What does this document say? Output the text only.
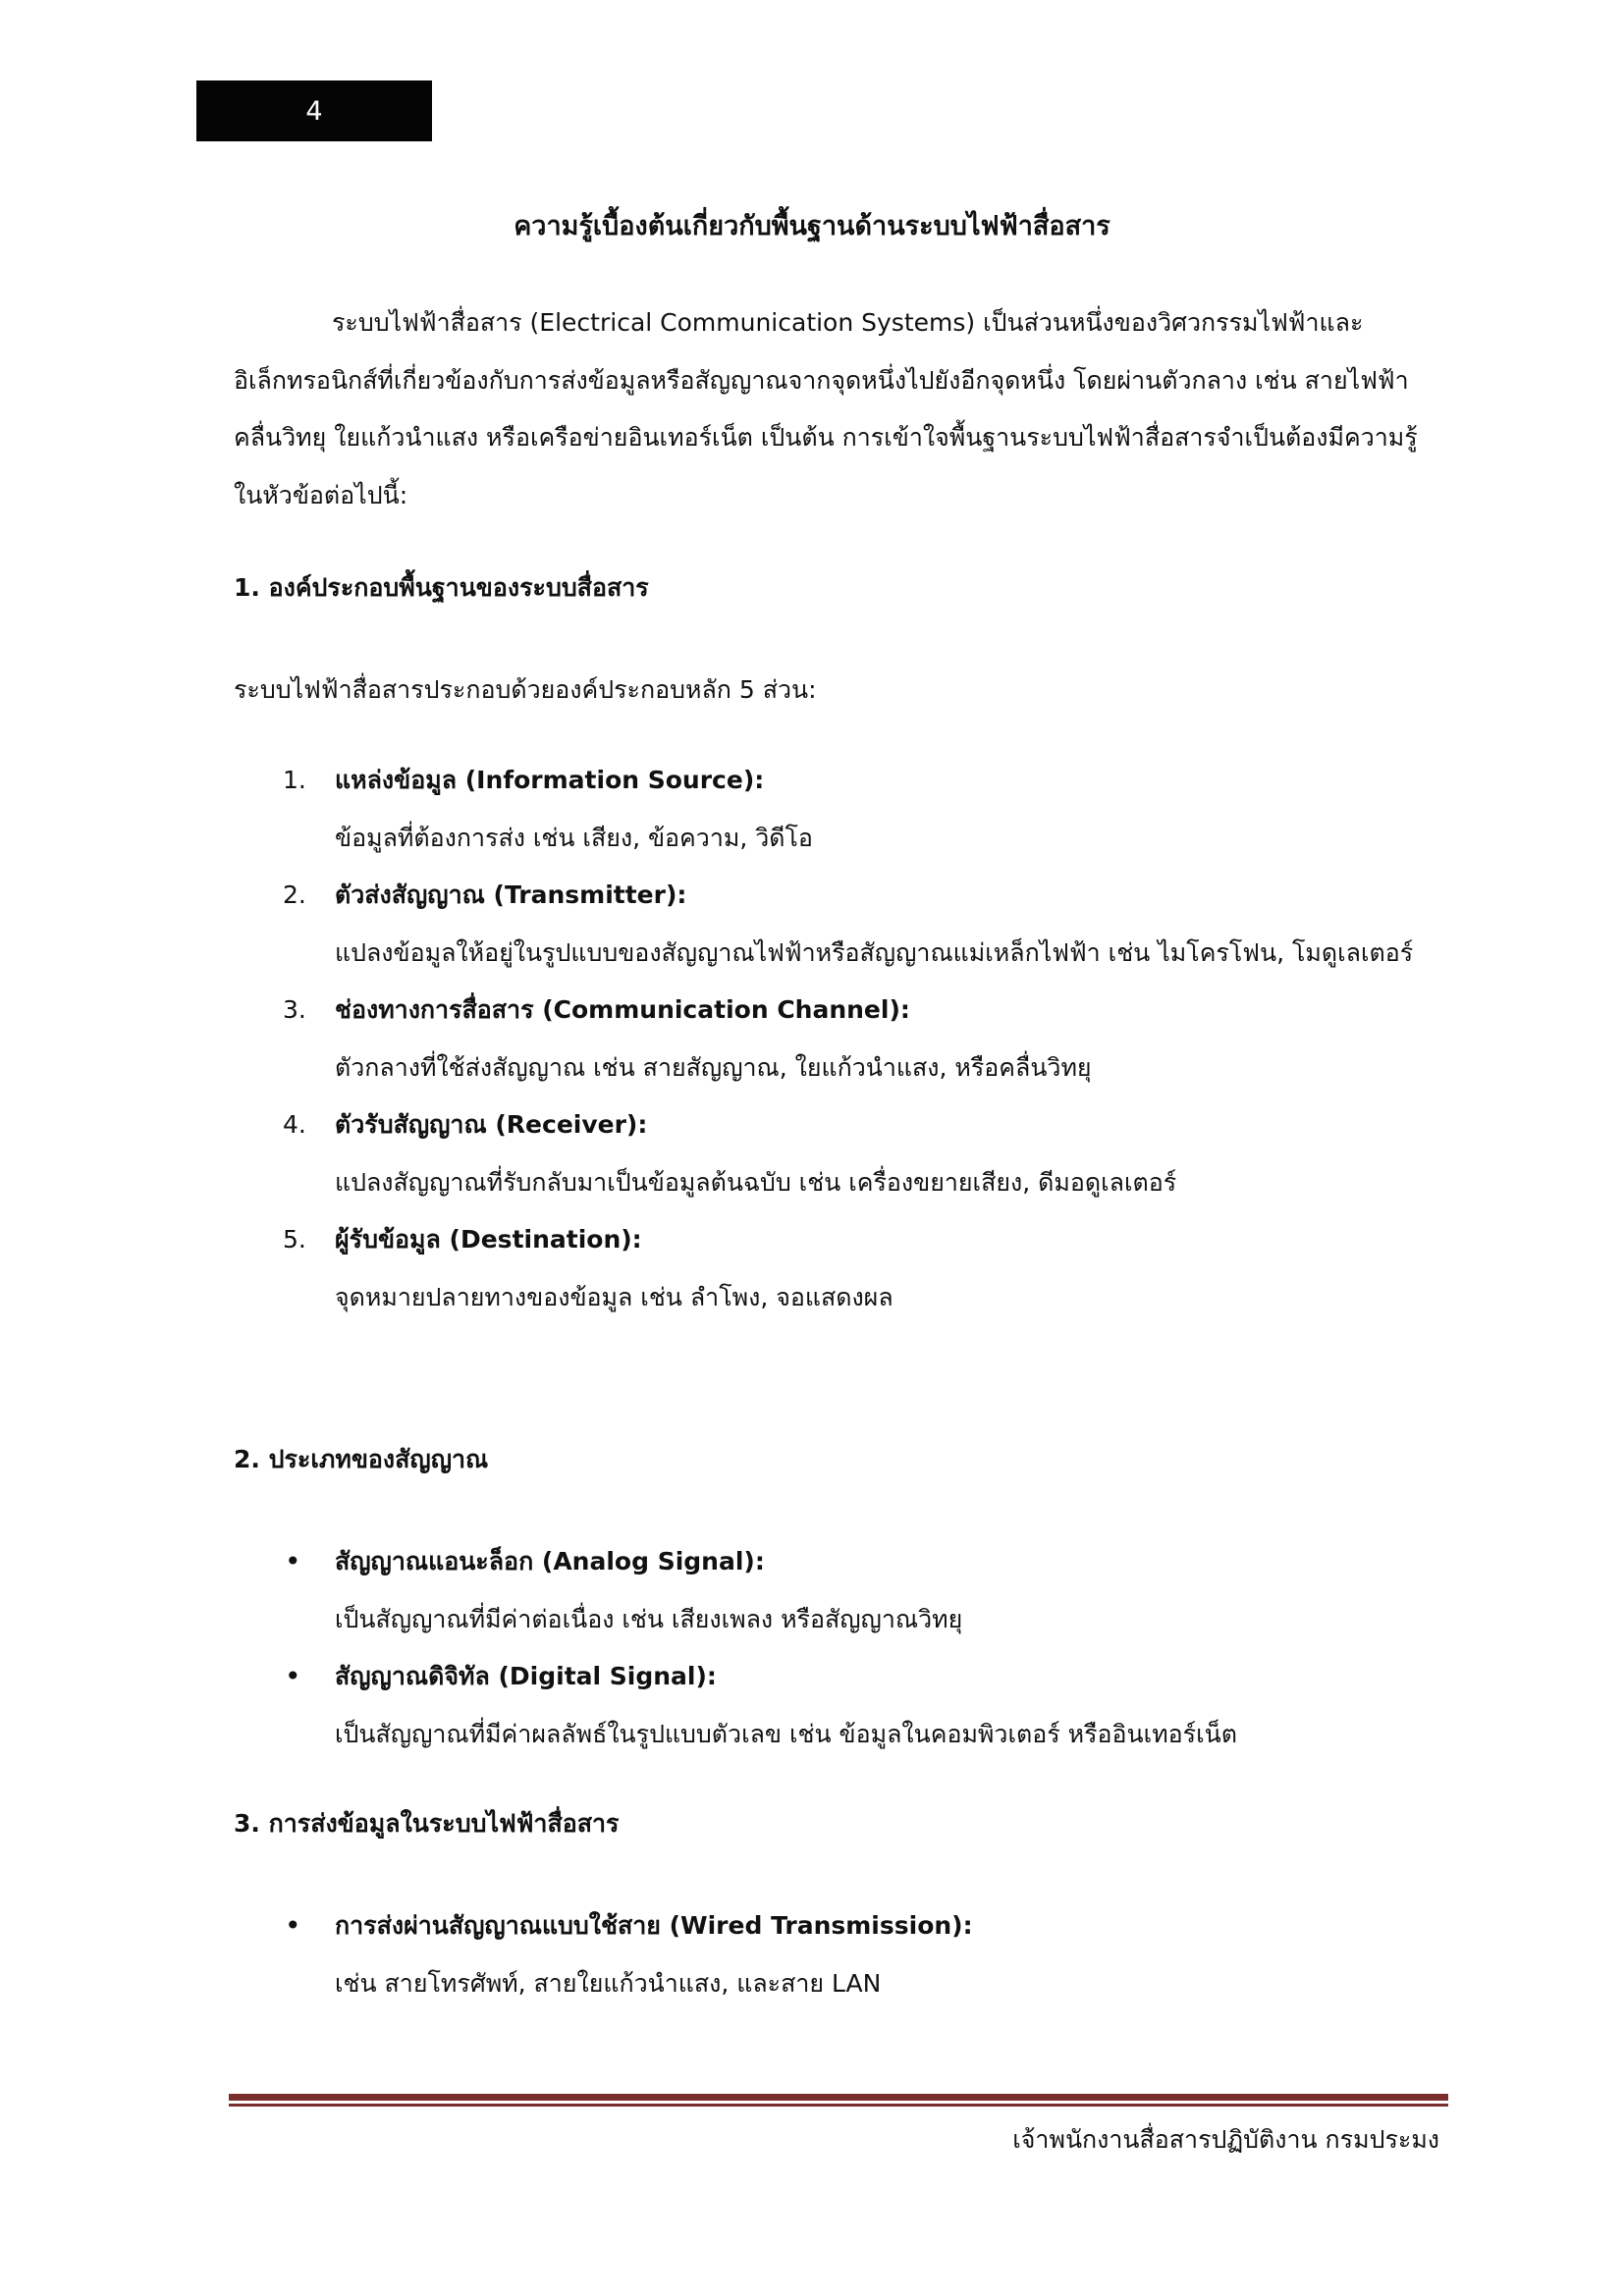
4
ความรู้เบื้องต้นเกี่ยวกับพื้นฐานด้านระบบไฟฟ้าสื่อสาร

ระบบไฟฟ้าสื่อสาร (Electrical Communication Systems) เป็นส่วนหนึ่งของวิศวกรรมไฟฟ้าและอิเล็กทรอนิกส์ที่เกี่ยวข้องกับการส่งข้อมูลหรือสัญญาณจากจุดหนึ่งไปยังอีกจุดหนึ่ง โดยผ่านตัวกลาง เช่น สายไฟฟ้า คลื่นวิทยุ ใยแก้วนำแสง หรือเครือข่ายอินเทอร์เน็ต เป็นต้น การเข้าใจพื้นฐานระบบไฟฟ้าสื่อสารจำเป็นต้องมีความรู้ในหัวข้อต่อไปนี้:

1. องค์ประกอบพื้นฐานของระบบสื่อสาร

ระบบไฟฟ้าสื่อสารประกอบด้วยองค์ประกอบหลัก 5 ส่วน:

1. แหล่งข้อมูล (Information Source):
ข้อมูลที่ต้องการส่ง เช่น เสียง, ข้อความ, วิดีโอ
2. ตัวส่งสัญญาณ (Transmitter):
แปลงข้อมูลให้อยู่ในรูปแบบของสัญญาณไฟฟ้าหรือสัญญาณแม่เหล็กไฟฟ้า เช่น ไมโครโฟน, โมดูเลเตอร์
3. ช่องทางการสื่อสาร (Communication Channel):
ตัวกลางที่ใช้ส่งสัญญาณ เช่น สายสัญญาณ, ใยแก้วนำแสง, หรือคลื่นวิทยุ
4. ตัวรับสัญญาณ (Receiver):
แปลงสัญญาณที่รับกลับมาเป็นข้อมูลต้นฉบับ เช่น เครื่องขยายเสียง, ดีมอดูเลเตอร์
5. ผู้รับข้อมูล (Destination):
จุดหมายปลายทางของข้อมูล เช่น ลำโพง, จอแสดงผล
2. ประเภทของสัญญาณ
• สัญญาณแอนะล็อก (Analog Signal):
เป็นสัญญาณที่มีค่าต่อเนื่อง เช่น เสียงเพลง หรือสัญญาณวิทยุ
• สัญญาณดิจิทัล (Digital Signal):
เป็นสัญญาณที่มีค่าผลลัพธ์ในรูปแบบตัวเลข เช่น ข้อมูลในคอมพิวเตอร์ หรืออินเทอร์เน็ต
3. การส่งข้อมูลในระบบไฟฟ้าสื่อสาร
• การส่งผ่านสัญญาณแบบใช้สาย (Wired Transmission):
เช่น สายโทรศัพท์, สายใยแก้วนำแสง, และสาย LAN

เจ้าพนักงานสื่อสารปฏิบัติงาน กรมประมง
